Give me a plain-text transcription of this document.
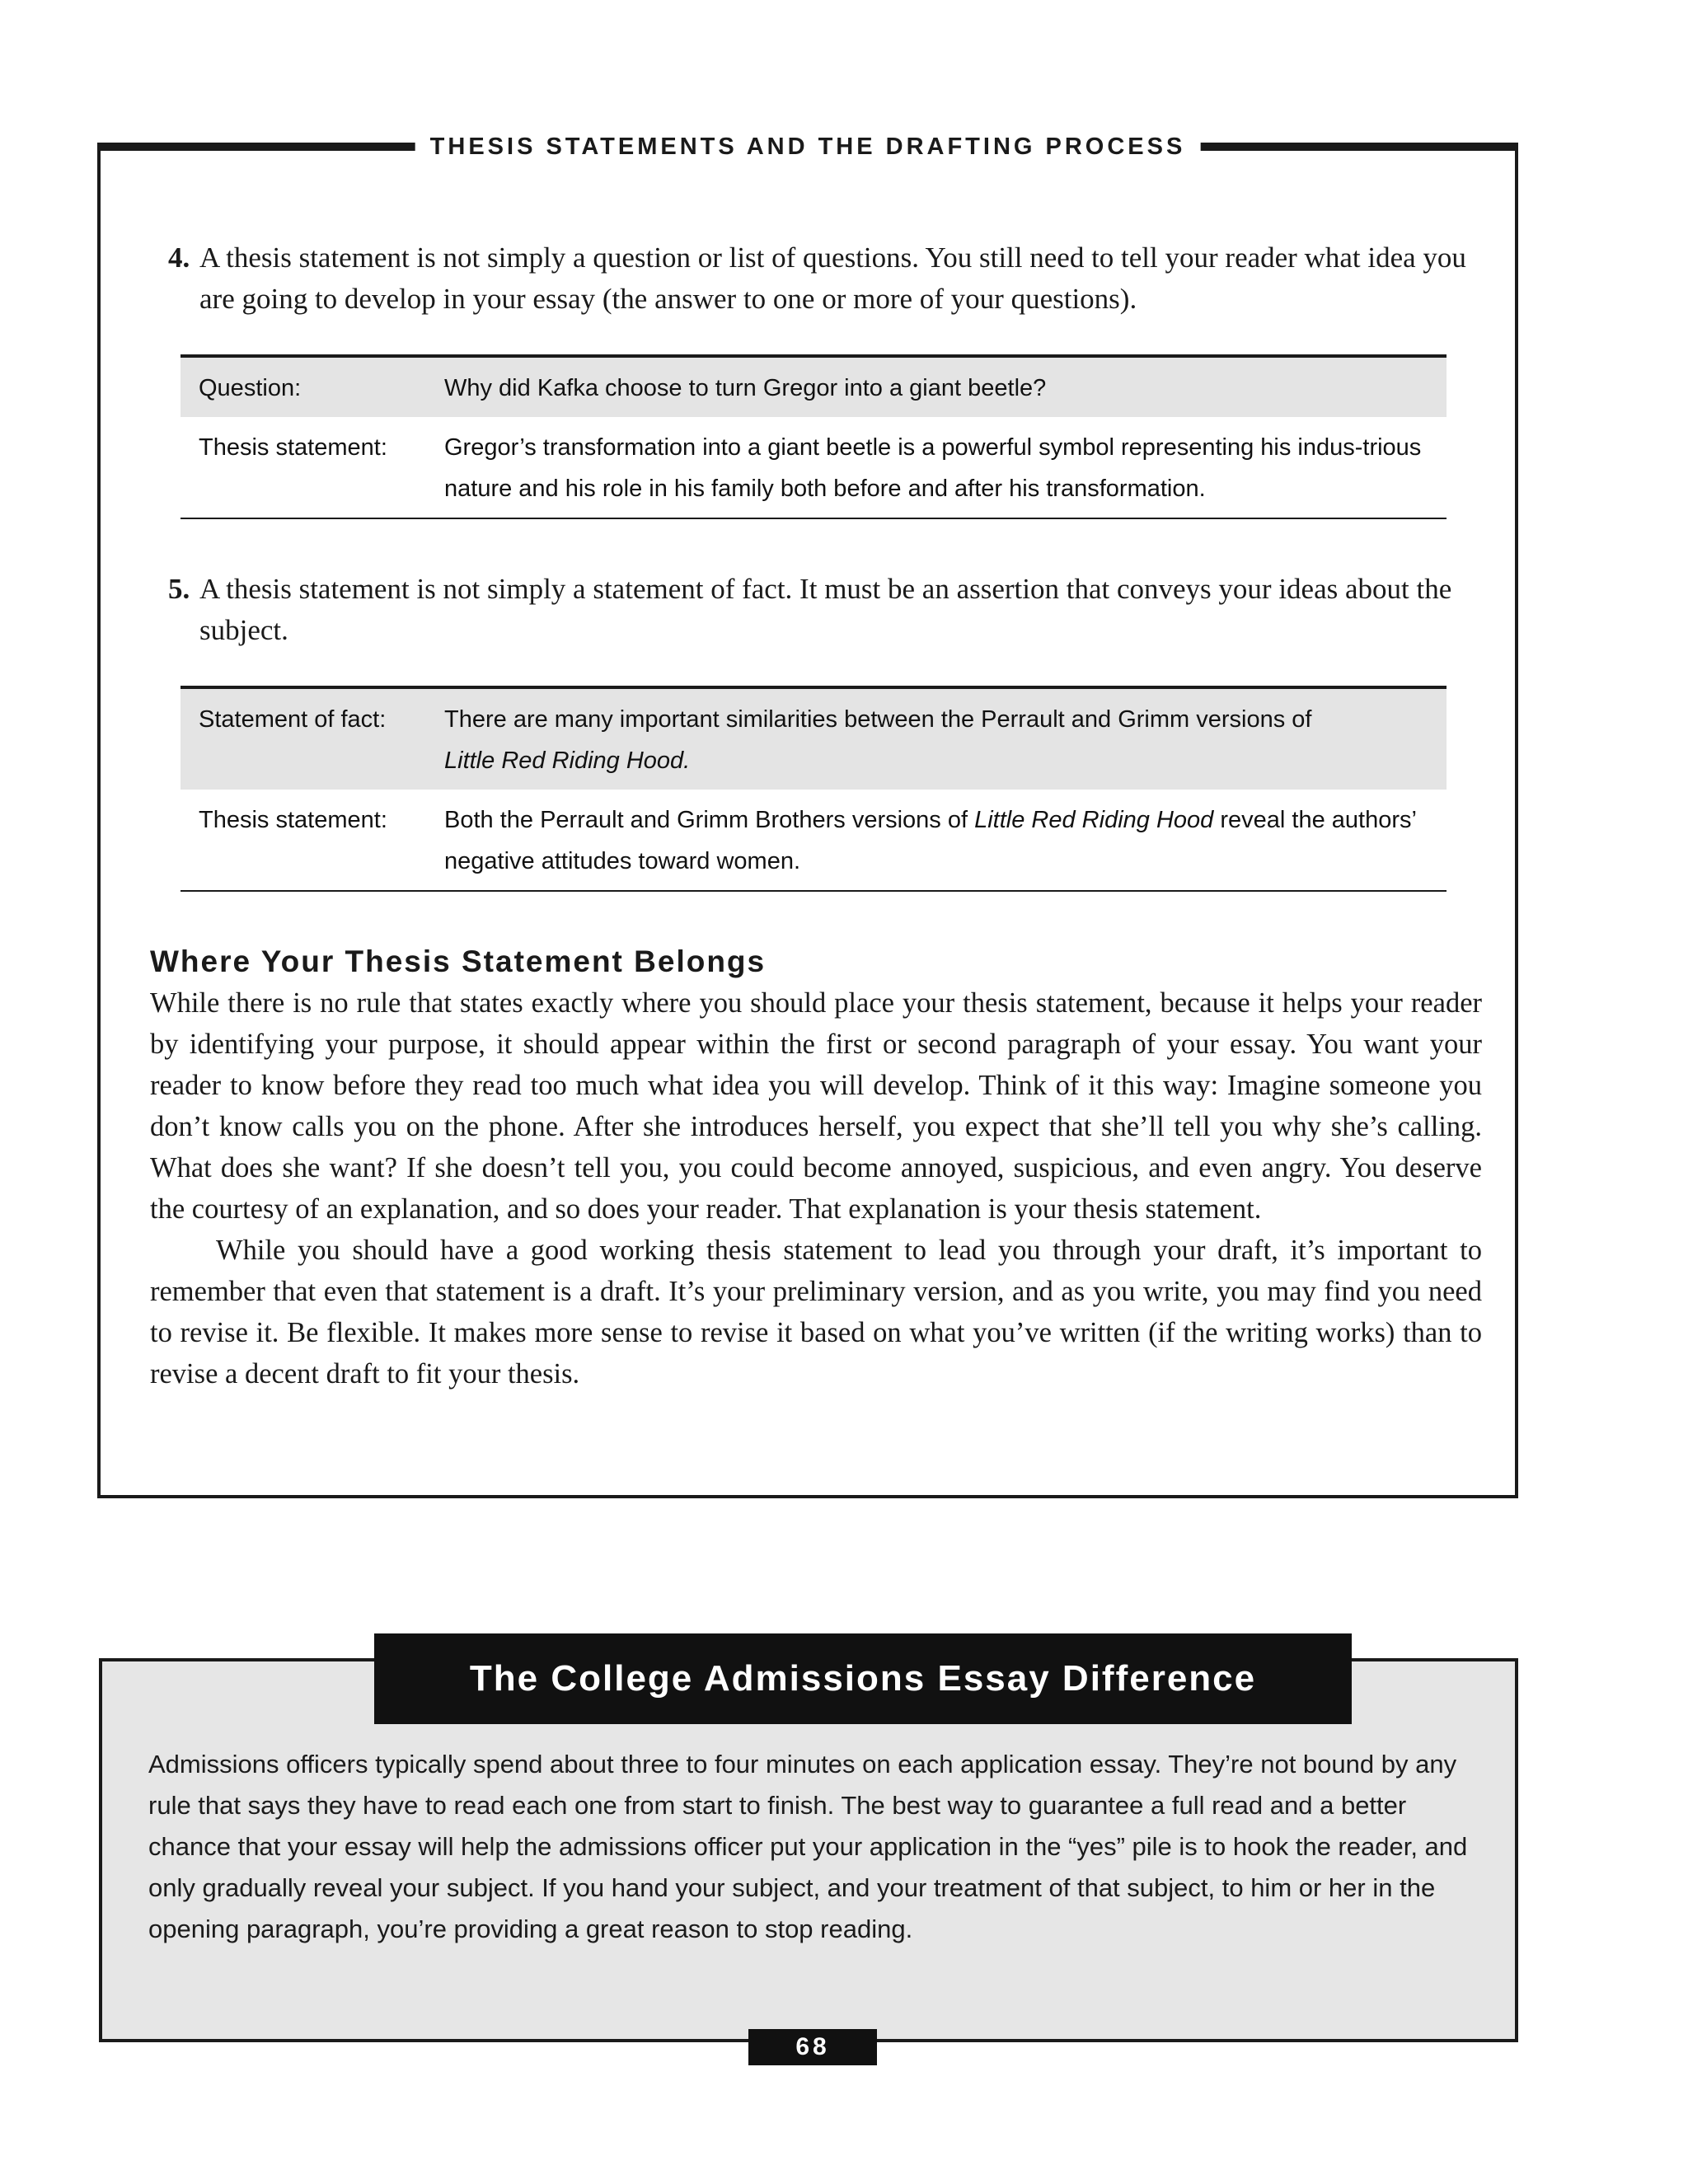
THESIS STATEMENTS AND THE DRAFTING PROCESS
4. A thesis statement is not simply a question or list of questions. You still need to tell your reader what idea you are going to develop in your essay (the answer to one or more of your questions).
Question:	Why did Kafka choose to turn Gregor into a giant beetle?
Thesis statement:	Gregor’s transformation into a giant beetle is a powerful symbol representing his indus-trious nature and his role in his family both before and after his transformation.
5. A thesis statement is not simply a statement of fact. It must be an assertion that conveys your ideas about the subject.
Statement of fact:	There are many important similarities between the Perrault and Grimm versions of
Little Red Riding Hood.
Thesis statement:	Both the Perrault and Grimm Brothers versions of Little Red Riding Hood reveal the authors’ negative attitudes toward women.
Where Your Thesis Statement Belongs

While there is no rule that states exactly where you should place your thesis statement, because it helps your reader by identifying your purpose, it should appear within the first or second paragraph of your essay. You want your reader to know before they read too much what idea you will develop. Think of it this way: Imagine someone you don’t know calls you on the phone. After she introduces herself, you expect that she’ll tell you why she’s calling. What does she want? If she doesn’t tell you, you could become annoyed, suspicious, and even angry. You deserve the courtesy of an explanation, and so does your reader. That explanation is your thesis statement.

While you should have a good working thesis statement to lead you through your draft, it’s important to remember that even that statement is a draft. It’s your preliminary version, and as you write, you may find you need to revise it. Be flexible. It makes more sense to revise it based on what you’ve written (if the writing works) than to revise a decent draft to fit your thesis.

The College Admissions Essay Difference
Admissions officers typically spend about three to four minutes on each application essay. They’re not bound by any rule that says they have to read each one from start to finish. The best way to guarantee a full read and a better chance that your essay will help the admissions officer put your application in the “yes” pile is to hook the reader, and only gradually reveal your subject. If you hand your subject, and your treatment of that subject, to him or her in the opening paragraph, you’re providing a great reason to stop reading.
68
